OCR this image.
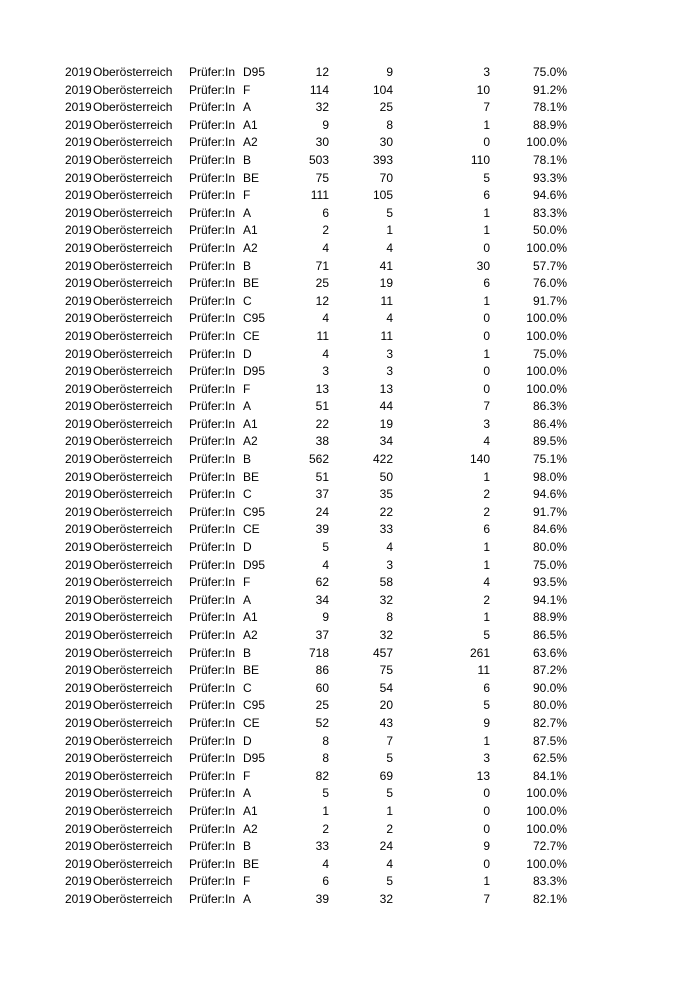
2019 Oberösterreich Prüfer:In D95	12	9	3	75.0%
2019 Oberösterreich Prüfer:In F	114	104	10	91.2%
2019 Oberösterreich Prüfer:In A	32	25	7	78.1%
2019 Oberösterreich Prüfer:In A1	9	8	1	88.9%
2019 Oberösterreich Prüfer:In A2	30	30	0	100.0%
2019 Oberösterreich Prüfer:In B	503	393	110	78.1%
2019 Oberösterreich Prüfer:In BE	75	70	5	93.3%
2019 Oberösterreich Prüfer:In F	111	105	6	94.6%
2019 Oberösterreich Prüfer:In A	6	5	1	83.3%
2019 Oberösterreich Prüfer:In A1	2	1	1	50.0%
2019 Oberösterreich Prüfer:In A2	4	4	0	100.0%
2019 Oberösterreich Prüfer:In B	71	41	30	57.7%
2019 Oberösterreich Prüfer:In BE	25	19	6	76.0%
2019 Oberösterreich Prüfer:In C	12	11	1	91.7%
2019 Oberösterreich Prüfer:In C95	4	4	0	100.0%
2019 Oberösterreich Prüfer:In CE	11	11	0	100.0%
2019 Oberösterreich Prüfer:In D	4	3	1	75.0%
2019 Oberösterreich Prüfer:In D95	3	3	0	100.0%
2019 Oberösterreich Prüfer:In F	13	13	0	100.0%
2019 Oberösterreich Prüfer:In A	51	44	7	86.3%
2019 Oberösterreich Prüfer:In A1	22	19	3	86.4%
2019 Oberösterreich Prüfer:In A2	38	34	4	89.5%
2019 Oberösterreich Prüfer:In B	562	422	140	75.1%
2019 Oberösterreich Prüfer:In BE	51	50	1	98.0%
2019 Oberösterreich Prüfer:In C	37	35	2	94.6%
2019 Oberösterreich Prüfer:In C95	24	22	2	91.7%
2019 Oberösterreich Prüfer:In CE	39	33	6	84.6%
2019 Oberösterreich Prüfer:In D	5	4	1	80.0%
2019 Oberösterreich Prüfer:In D95	4	3	1	75.0%
2019 Oberösterreich Prüfer:In F	62	58	4	93.5%
2019 Oberösterreich Prüfer:In A	34	32	2	94.1%
2019 Oberösterreich Prüfer:In A1	9	8	1	88.9%
2019 Oberösterreich Prüfer:In A2	37	32	5	86.5%
2019 Oberösterreich Prüfer:In B	718	457	261	63.6%
2019 Oberösterreich Prüfer:In BE	86	75	11	87.2%
2019 Oberösterreich Prüfer:In C	60	54	6	90.0%
2019 Oberösterreich Prüfer:In C95	25	20	5	80.0%
2019 Oberösterreich Prüfer:In CE	52	43	9	82.7%
2019 Oberösterreich Prüfer:In D	8	7	1	87.5%
2019 Oberösterreich Prüfer:In D95	8	5	3	62.5%
2019 Oberösterreich Prüfer:In F	82	69	13	84.1%
2019 Oberösterreich Prüfer:In A	5	5	0	100.0%
2019 Oberösterreich Prüfer:In A1	1	1	0	100.0%
2019 Oberösterreich Prüfer:In A2	2	2	0	100.0%
2019 Oberösterreich Prüfer:In B	33	24	9	72.7%
2019 Oberösterreich Prüfer:In BE	4	4	0	100.0%
2019 Oberösterreich Prüfer:In F	6	5	1	83.3%
2019 Oberösterreich Prüfer:In A	39	32	7	82.1%
